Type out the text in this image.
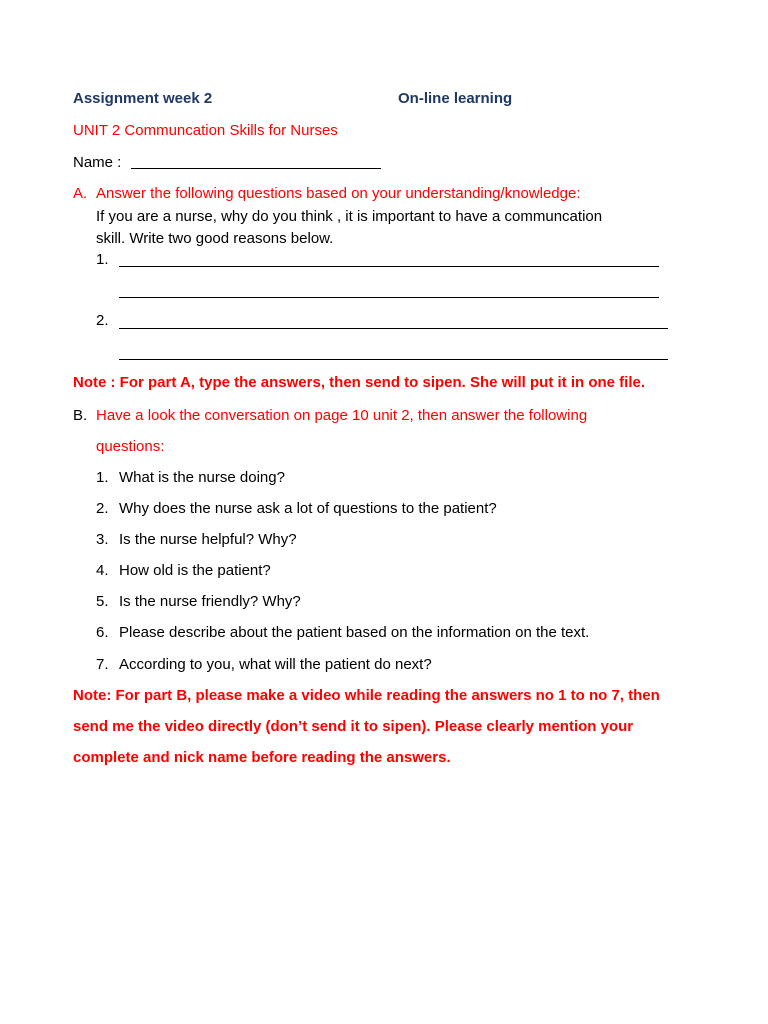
Assignment week 2	On-line learning
UNIT 2 Communcation Skills for Nurses
Name :
A. Answer the following questions based on your understanding/knowledge:
If you are a nurse, why do you think , it is important to have a communcation
skill. Write two good reasons below.
1.
2.
Note : For part A, type the answers, then send to sipen. She will put it in one file.
B. Have a look the conversation on page 10 unit 2, then answer the following
questions:
1. What is the nurse doing?
2. Why does the nurse ask a lot of questions to the patient?
3. Is the nurse helpful? Why?
4. How old is the patient?
5. Is the nurse friendly? Why?
6. Please describe about the patient based on the information on the text.
7. According to you, what will the patient do next?
Note: For part B, please make a video while reading the answers no 1 to no 7, then
send me the video directly (don’t send it to sipen). Please clearly mention your
complete and nick name before reading the answers.
